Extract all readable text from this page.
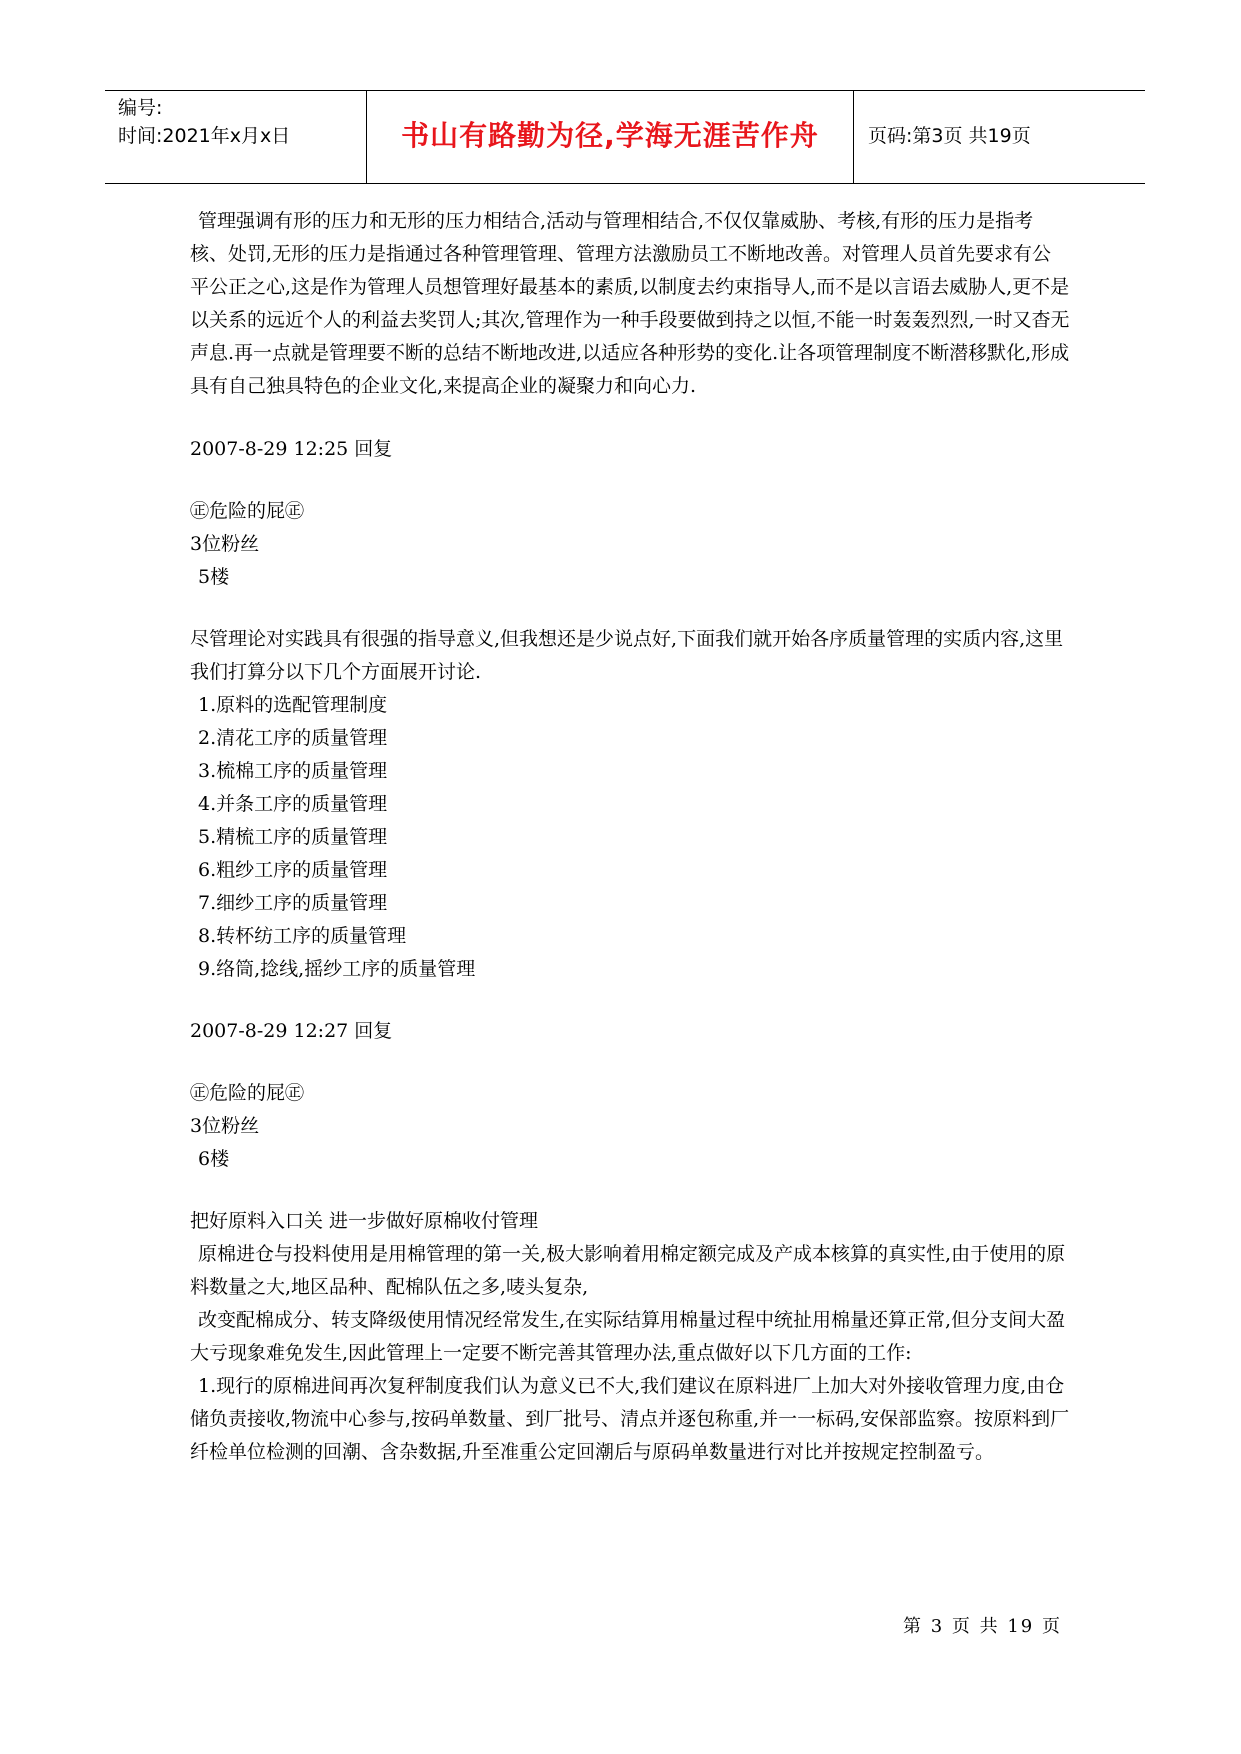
编号:
时间:2021年x月x日	书山有路勤为径,学海无涯苦作舟	页码:第3页 共19页

管理强调有形的压力和无形的压力相结合,活动与管理相结合,不仅仅靠威胁、考核,有形的压力是指考核、处罚,无形的压力是指通过各种管理管理、管理方法激励员工不断地改善。对管理人员首先要求有公平公正之心,这是作为管理人员想管理好最基本的素质,以制度去约束指导人,而不是以言语去威胁人,更不是以关系的远近个人的利益去奖罚人;其次,管理作为一种手段要做到持之以恒,不能一时轰轰烈烈,一时又杳无声息.再一点就是管理要不断的总结不断地改进,以适应各种形势的变化.让各项管理制度不断潜移默化,形成具有自己独具特色的企业文化,来提高企业的凝聚力和向心力.

2007-8-29 12:25 回复

㊣危险的屁㊣

3位粉丝

5楼

尽管理论对实践具有很强的指导意义,但我想还是少说点好,下面我们就开始各序质量管理的实质内容,这里我们打算分以下几个方面展开讨论.

1.原料的选配管理制度

2.清花工序的质量管理

3.梳棉工序的质量管理

4.并条工序的质量管理

5.精梳工序的质量管理

6.粗纱工序的质量管理

7.细纱工序的质量管理

8.转杯纺工序的质量管理

9.络筒,捻线,摇纱工序的质量管理

2007-8-29 12:27 回复

㊣危险的屁㊣

3位粉丝

6楼

把好原料入口关 进一步做好原棉收付管理

原棉进仓与投料使用是用棉管理的第一关,极大影响着用棉定额完成及产成本核算的真实性,由于使用的原料数量之大,地区品种、配棉队伍之多,唛头复杂,

改变配棉成分、转支降级使用情况经常发生,在实际结算用棉量过程中统扯用棉量还算正常,但分支间大盈大亏现象难免发生,因此管理上一定要不断完善其管理办法,重点做好以下几方面的工作:

1.现行的原棉进间再次复秤制度我们认为意义已不大,我们建议在原料进厂上加大对外接收管理力度,由仓储负责接收,物流中心参与,按码单数量、到厂批号、清点并逐包称重,并一一标码,安保部监察。按原料到厂纤检单位检测的回潮、含杂数据,升至准重公定回潮后与原码单数量进行对比并按规定控制盈亏。

第 3 页 共 19 页
